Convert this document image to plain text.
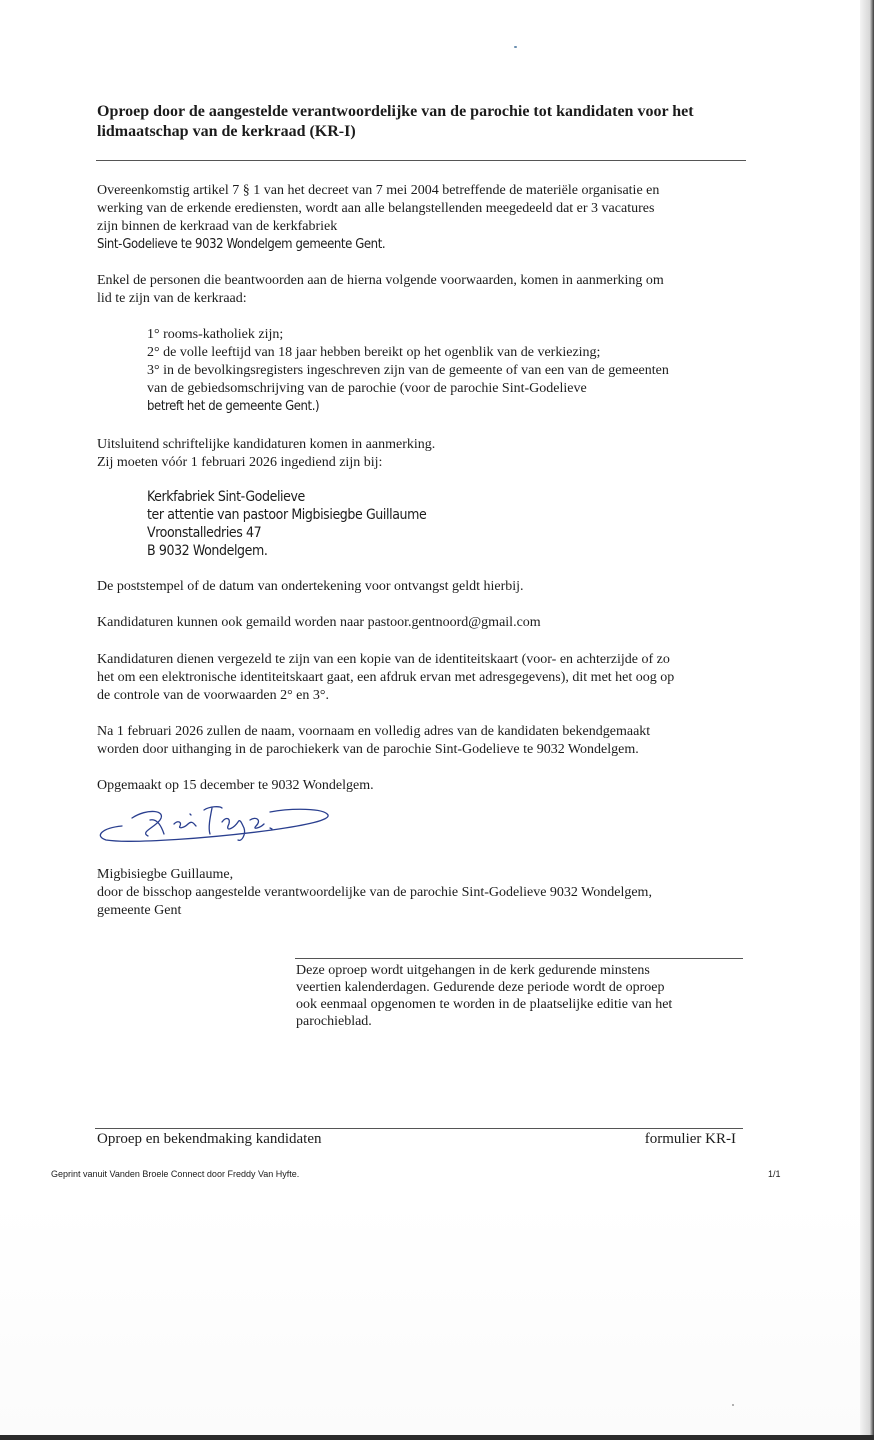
Oproep door de aangestelde verantwoordelijke van de parochie tot kandidaten voor het
lidmaatschap van de kerkraad (KR-I)

Overeenkomstig artikel 7 § 1 van het decreet van 7 mei 2004 betreffende de materiële organisatie en
werking van de erkende erediensten, wordt aan alle belangstellenden meegedeeld dat er 3 vacatures
zijn binnen de kerkraad van de kerkfabriek
Sint-Godelieve te 9032 Wondelgem gemeente Gent.

Enkel de personen die beantwoorden aan de hierna volgende voorwaarden, komen in aanmerking om
lid te zijn van de kerkraad:

1° rooms-katholiek zijn;
2° de volle leeftijd van 18 jaar hebben bereikt op het ogenblik van de verkiezing;
3° in de bevolkingsregisters ingeschreven zijn van de gemeente of van een van de gemeenten
van de gebiedsomschrijving van de parochie (voor de parochie Sint-Godelieve
betreft het de gemeente Gent.)

Uitsluitend schriftelijke kandidaturen komen in aanmerking.
Zij moeten vóór 1 februari 2026 ingediend zijn bij:

Kerkfabriek Sint-Godelieve
ter attentie van pastoor Migbisiegbe Guillaume
Vroonstalledries 47
B 9032 Wondelgem.

De poststempel of de datum van ondertekening voor ontvangst geldt hierbij.

Kandidaturen kunnen ook gemaild worden naar pastoor.gentnoord@gmail.com

Kandidaturen dienen vergezeld te zijn van een kopie van de identiteitskaart (voor- en achterzijde of zo
het om een elektronische identiteitskaart gaat, een afdruk ervan met adresgegevens), dit met het oog op
de controle van de voorwaarden 2° en 3°.

Na 1 februari 2026 zullen de naam, voornaam en volledig adres van de kandidaten bekendgemaakt
worden door uithanging in de parochiekerk van de parochie Sint-Godelieve te 9032 Wondelgem.

Opgemaakt op 15 december te 9032 Wondelgem.

Migbisiegbe Guillaume,
door de bisschop aangestelde verantwoordelijke van de parochie Sint-Godelieve 9032 Wondelgem,
gemeente Gent

Deze oproep wordt uitgehangen in de kerk gedurende minstens
veertien kalenderdagen. Gedurende deze periode wordt de oproep
ook eenmaal opgenomen te worden in de plaatselijke editie van het
parochieblad.

Oproep en bekendmaking kandidaten	formulier KR-I

Geprint vanuit Vanden Broele Connect door Freddy Van Hyfte.	1/1
